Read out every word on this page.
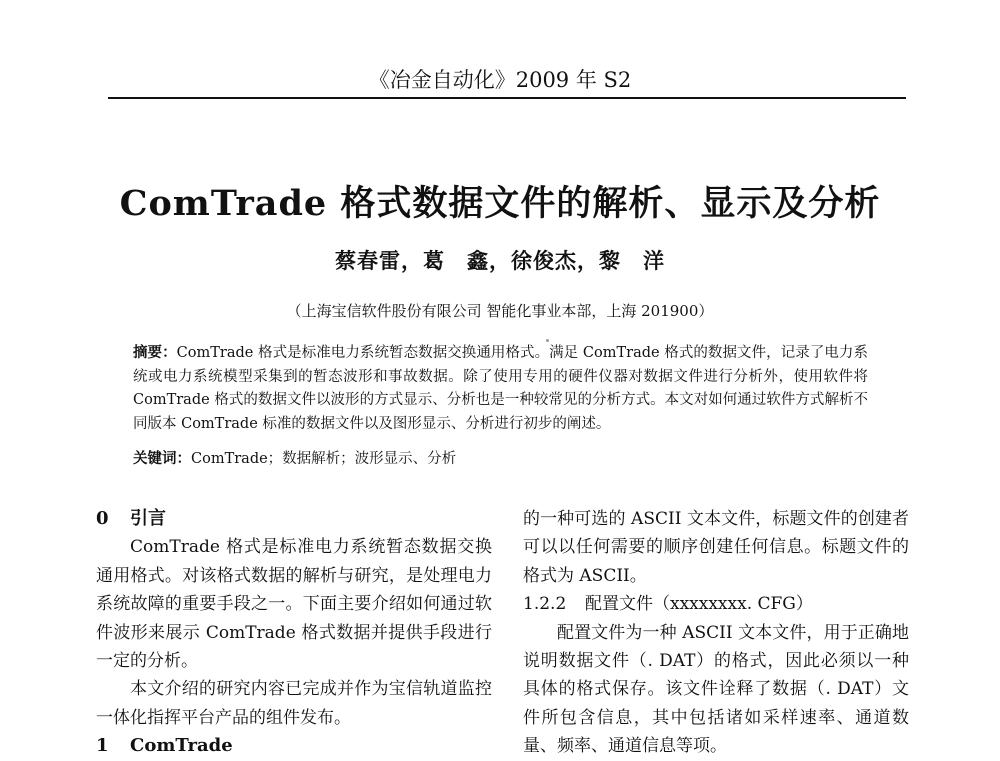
《冶金自动化》2009 年 S2
ComTrade 格式数据文件的解析、显示及分析
蔡春雷，葛　鑫，徐俊杰，黎　洋
（上海宝信软件股份有限公司 智能化事业本部，上海 201900）
摘要：ComTrade 格式是标准电力系统暂态数据交换通用格式。满足 ComTrade 格式的数据文件，记录了电力系统或电力系统模型采集到的暂态波形和事故数据。除了使用专用的硬件仪器对数据文件进行分析外，使用软件将 ComTrade 格式的数据文件以波形的方式显示、分析也是一种较常见的分析方式。本文对如何通过软件方式解析不同版本 ComTrade 标准的数据文件以及图形显示、分析进行初步的阐述。
关键词：ComTrade；数据解析；波形显示、分析

0 引言

ComTrade 格式是标准电力系统暂态数据交换通用格式。对该格式数据的解析与研究，是处理电力系统故障的重要手段之一。下面主要介绍如何通过软件波形来展示 ComTrade 格式数据并提供手段进行一定的分析。

本文介绍的研究内容已完成并作为宝信轨道监控一体化指挥平台产品的组件发布。

1 ComTrade

的一种可选的 ASCII 文本文件，标题文件的创建者可以以任何需要的顺序创建任何信息。标题文件的格式为 ASCII。

1.2.2 配置文件（xxxxxxxx. CFG）

配置文件为一种 ASCII 文本文件，用于正确地说明数据文件（. DAT）的格式，因此必须以一种具体的格式保存。该文件诠释了数据（. DAT）文件所包含信息，其中包括诸如采样速率、通道数量、频率、通道信息等项。
